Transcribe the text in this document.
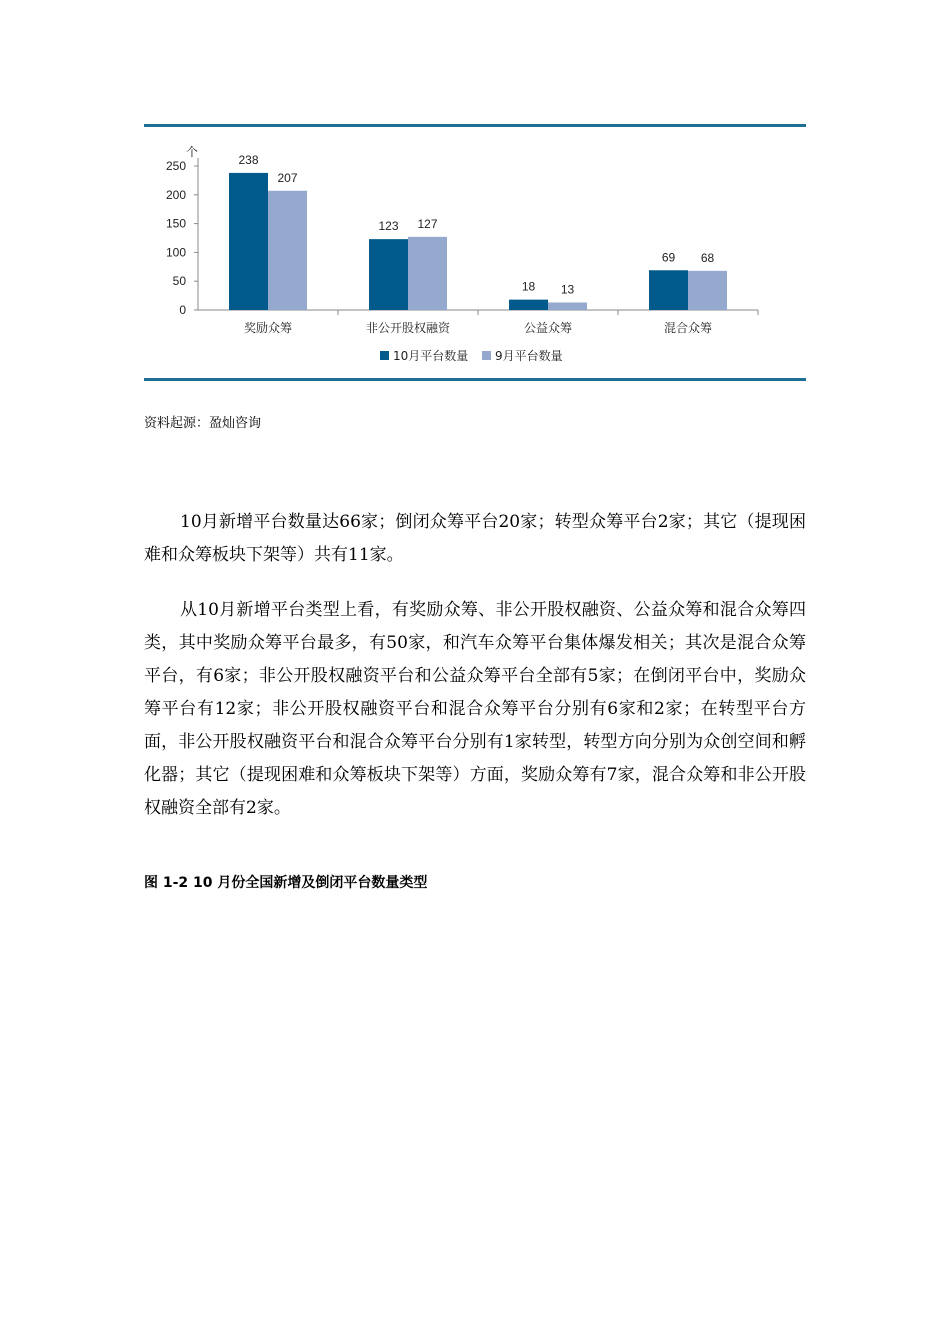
个
0
50
100
150
200
250
奖励众筹
238
207
非公开股权融资
123 127
公益众筹
18 13
混合众筹
69 68
10月平台数量 9月平台数量
资料起源：盈灿咨询

10月新增平台数量达66家；倒闭众筹平台20家；转型众筹平台2家；其它（提现困难和众筹板块下架等）共有11家。

从10月新增平台类型上看，有奖励众筹、非公开股权融资、公益众筹和混合众筹四类，其中奖励众筹平台最多，有50家，和汽车众筹平台集体爆发相关；其次是混合众筹平台，有6家；非公开股权融资平台和公益众筹平台全部有5家；在倒闭平台中，奖励众筹平台有12家；非公开股权融资平台和混合众筹平台分别有6家和2家；在转型平台方面，非公开股权融资平台和混合众筹平台分别有1家转型，转型方向分别为众创空间和孵化器；其它（提现困难和众筹板块下架等）方面，奖励众筹有7家，混合众筹和非公开股权融资全部有2家。

图 1-2 10 月份全国新增及倒闭平台数量类型
